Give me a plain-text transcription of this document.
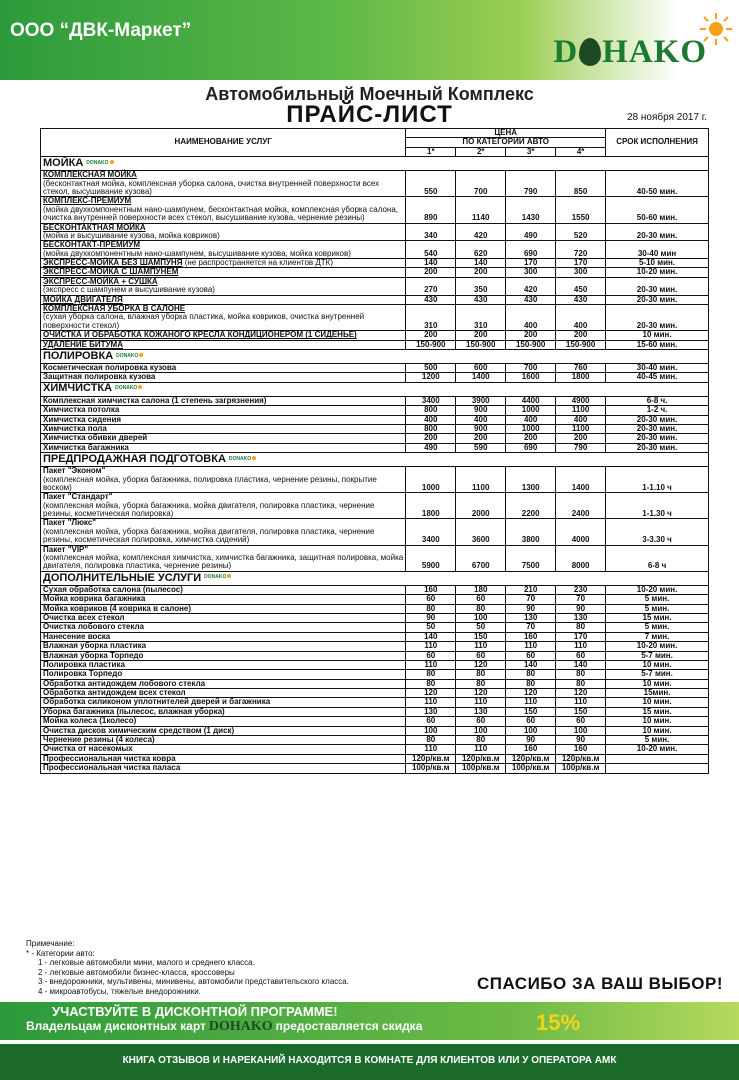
ООО “ДВК-Маркет”
D HAKO
Автомобильный Моечный Комплекс
ПРАЙС-ЛИСТ	28 ноября 2017 г.
НАИМЕНОВАНИЕ УСЛУГ	ЦЕНА				СРОК ИСПОЛНЕНИЯ
	ПО КАТЕГОРИИ АВТО				
	1*	2*	3*	4*	
МОЙКА DONAKO					
КОМПЛЕКСНАЯ МОЙКА
(бесконтактная мойка, комплексная уборка салона, очистка внутренней поверхности всех стекол, высушивание кузова)	550	700	790	850	40-50 мин.
КОМПЛЕКС-ПРЕМИУМ
(мойка двухкомпонентным нано-шампунем, бесконтактная мойка, комплексная уборка салона, очистка внутренней поверхности всех стекол, высушивание кузова, чернение резины)	890	1140	1430	1550	50-60 мин.
БЕСКОНТАКТНАЯ МОЙКА
(мойка и высушивание кузова, мойка ковриков)	340	420	490	520	20-30 мин.
БЕСКОНТАКТ-ПРЕМИУМ
(мойка двухкомпонентным нано-шампунем, высушивание кузова, мойка ковриков)	540	620	690	720	30-40 мин
ЭКСПРЕСС-МОЙКА БЕЗ ШАМПУНЯ (не распространяется на клиентов ДТК)	140	140	170	170	5-10 мин.
ЭКСПРЕСС-МОЙКА С ШАМПУНЕМ	200	200	300	300	10-20 мин.
ЭКСПРЕСС-МОЙКА + СУШКА
(экспресс с шампунем и высушивание кузова)	270	350	420	450	20-30 мин.
МОЙКА ДВИГАТЕЛЯ	430	430	430	430	20-30 мин.
КОМПЛЕКСНАЯ УБОРКА В САЛОНЕ
(сухая уборка салона, влажная уборка пластика, мойка ковриков, очистка внутренней поверхности стекол)	310	310	400	400	20-30 мин.
ОЧИСТКА И ОБРАБОТКА КОЖАНОГО КРЕСЛА КОНДИЦИОНЕРОМ (1 СИДЕНЬЕ)	200	200	200	200	10 мин.
УДАЛЕНИЕ БИТУМА	150-900	150-900	150-900	150-900	15-60 мин.
ПОЛИРОВКА DONAKO					
Косметическая полировка кузова	500	600	700	760	30-40 мин.
Защитная полировка кузова	1200	1400	1600	1800	40-45 мин.
ХИМЧИСТКА DONAKO					
Комплексная химчистка салона (1 степень загрязнения)	3400	3900	4400	4900	6-8 ч.
Химчистка потолка	800	900	1000	1100	1-2 ч.
Химчистка сидения	400	400	400	400	20-30 мин.
Химчистка пола	800	900	1000	1100	20-30 мин.
Химчистка обивки дверей	200	200	200	200	20-30 мин.
Химчистка багажника	490	590	690	790	20-30 мин.
ПРЕДПРОДАЖНАЯ ПОДГОТОВКА DONAKO					
Пакет "Эконом"
(комплексная мойка, уборка багажника, полировка пластика, чернение резины, покрытие воском)	1000	1100	1300	1400	1-1.10 ч
Пакет "Стандарт"
(комплексная мойка, уборка багажника, мойка двигателя, полировка пластика, чернение резины, косметическая полировка)	1800	2000	2200	2400	1-1.30 ч
Пакет "Люкс"
(комплексная мойка, уборка багажника, мойка двигателя, полировка пластика, чернение резины, косметическая полировка, химчистка сидений)	3400	3600	3800	4000	3-3.30 ч
Пакет "VIP"
(комплексная мойка, комплексная химчистка, химчистка багажника, защитная полировка, мойка двигателя, полировка пластика, чернение резины)	5900	6700	7500	8000	6-8 ч
ДОПОЛНИТЕЛЬНЫЕ УСЛУГИ DONAKO					
Сухая обработка салона (пылесос)	160	180	210	230	10-20 мин.
Мойка коврика багажника	60	60	70	70	5 мин.
Мойка ковриков (4 коврика в салоне)	80	80	90	90	5 мин.
Очистка всех стекол	90	100	130	130	15 мин.
Очистка лобового стекла	50	50	70	80	5 мин.
Нанесение воска	140	150	160	170	7 мин.
Влажная уборка пластика	110	110	110	110	10-20 мин.
Влажная уборка Торпедо	60	60	60	60	5-7 мин.
Полировка пластика	110	120	140	140	10 мин.
Полировка Торпедо	80	80	80	80	5-7 мин.
Обработка антидождем лобового стекла	80	80	80	80	10 мин.
Обработка антидождем всех стекол	120	120	120	120	15мин.
Обработка силиконом уплотнителей дверей и багажника	110	110	110	110	10 мин.
Уборка багажника (пылесос, влажная уборка)	130	130	150	150	15 мин.
Мойка колеса (1колесо)	60	60	60	60	10 мин.
Очистка дисков химическим средством (1 диск)	100	100	100	100	10 мин.
Чернение резины (4 колеса)	80	80	90	90	5 мин.
Очистка от насекомых	110	110	160	160	10-20 мин.
Профессиональная чистка ковра	120р/кв.м	120р/кв.м	120р/кв.м	120р/кв.м	
Профессиональная чистка паласа	100р/кв.м	100р/кв.м	100р/кв.м	100р/кв.м	
Примечание:
* - Категории авто:
1 - легковые автомобили мини, малого и среднего класса.
2 - легковые автомобили бизнес-класса, кроссоверы
3 - внедорожники, мультивены, минивены, автомобили представительского класса.
4 - микроавтобусы, тяжелые внедорожники.	СПАСИБО ЗА ВАШ ВЫБОР!
УЧАСТВУЙТЕ В ДИСКОНТНОЙ ПРОГРАММЕ!
Владельцам дисконтных карт DOHAKO предоставляется скидка	15%
КНИГА ОТЗЫВОВ И НАРЕКАНИЙ НАХОДИТСЯ В КОМНАТЕ ДЛЯ КЛИЕНТОВ ИЛИ У ОПЕРАТОРА АМК
